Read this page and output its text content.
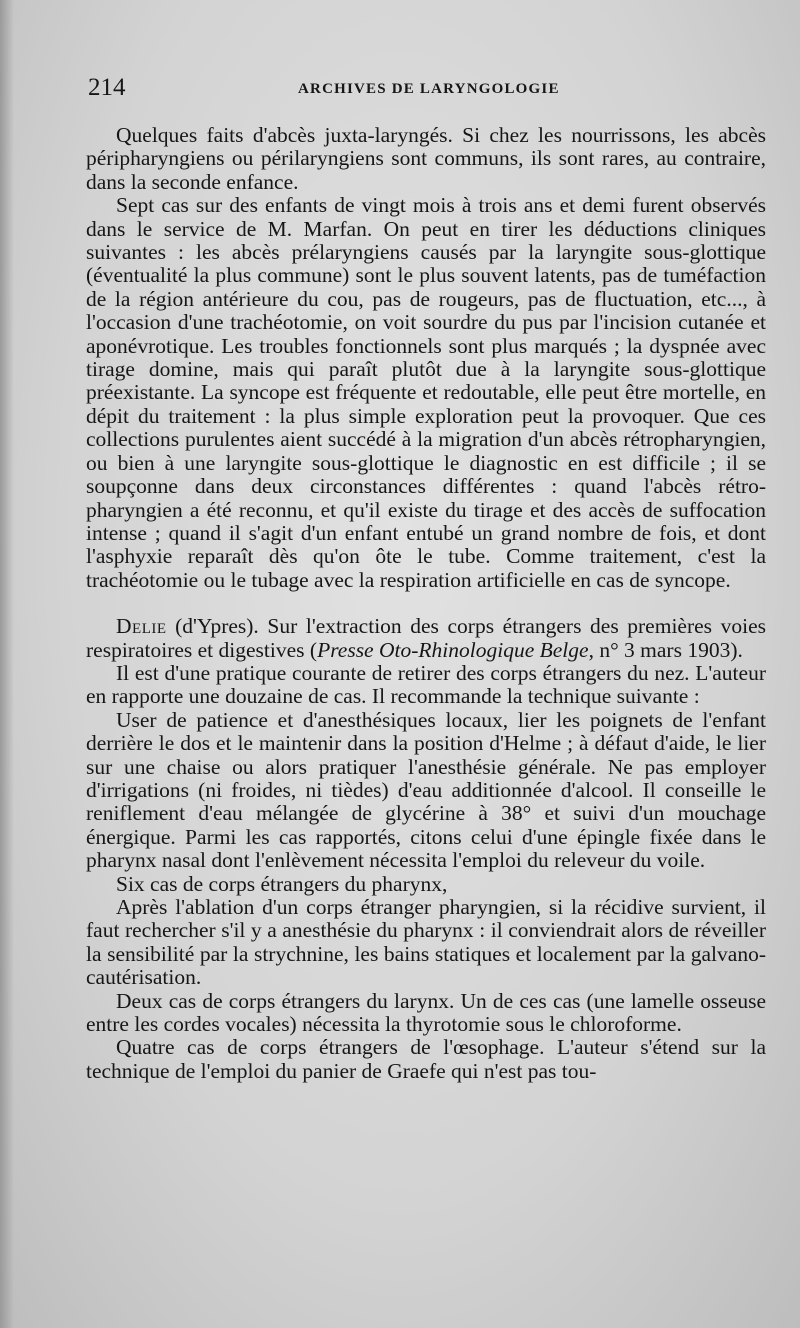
214	ARCHIVES DE LARYNGOLOGIE

Quelques faits d'abcès juxta-laryngés. Si chez les nourrissons, les abcès péripharyngiens ou périlaryngiens sont communs, ils sont rares, au contraire, dans la seconde enfance.

Sept cas sur des enfants de vingt mois à trois ans et demi furent observés dans le service de M. Marfan. On peut en tirer les déductions cliniques suivantes : les abcès prélaryngiens causés par la laryngite sous-glottique (éventualité la plus commune) sont le plus souvent latents, pas de tuméfaction de la région antérieure du cou, pas de rougeurs, pas de fluctuation, etc..., à l'occasion d'une trachéotomie, on voit sourdre du pus par l'incision cutanée et aponévrotique. Les troubles fonctionnels sont plus marqués ; la dyspnée avec tirage domine, mais qui paraît plutôt due à la laryngite sous-glottique préexistante. La syncope est fréquente et redoutable, elle peut être mortelle, en dépit du traitement : la plus simple exploration peut la provoquer. Que ces collections purulentes aient succédé à la migration d'un abcès rétropharyngien, ou bien à une laryngite sous-glottique le diagnostic en est difficile ; il se soupçonne dans deux circonstances différentes : quand l'abcès rétro-pharyngien a été reconnu, et qu'il existe du tirage et des accès de suffocation intense ; quand il s'agit d'un enfant entubé un grand nombre de fois, et dont l'asphyxie reparaît dès qu'on ôte le tube. Comme traitement, c'est la trachéotomie ou le tubage avec la respiration artificielle en cas de syncope.

Delie (d'Ypres). Sur l'extraction des corps étrangers des premières voies respiratoires et digestives (Presse Oto-Rhinologique Belge, n° 3 mars 1903).

Il est d'une pratique courante de retirer des corps étrangers du nez. L'auteur en rapporte une douzaine de cas. Il recommande la technique suivante :

User de patience et d'anesthésiques locaux, lier les poignets de l'enfant derrière le dos et le maintenir dans la position d'Helme ; à défaut d'aide, le lier sur une chaise ou alors pratiquer l'anesthésie générale. Ne pas employer d'irrigations (ni froides, ni tièdes) d'eau additionnée d'alcool. Il conseille le reniflement d'eau mélangée de glycérine à 38° et suivi d'un mouchage énergique. Parmi les cas rapportés, citons celui d'une épingle fixée dans le pharynx nasal dont l'enlèvement nécessita l'emploi du releveur du voile.

Six cas de corps étrangers du pharynx,

Après l'ablation d'un corps étranger pharyngien, si la récidive survient, il faut rechercher s'il y a anesthésie du pharynx : il conviendrait alors de réveiller la sensibilité par la strychnine, les bains statiques et localement par la galvano-cautérisation.

Deux cas de corps étrangers du larynx. Un de ces cas (une lamelle osseuse entre les cordes vocales) nécessita la thyrotomie sous le chloroforme.

Quatre cas de corps étrangers de l'œsophage. L'auteur s'étend sur la technique de l'emploi du panier de Graefe qui n'est pas tou-
